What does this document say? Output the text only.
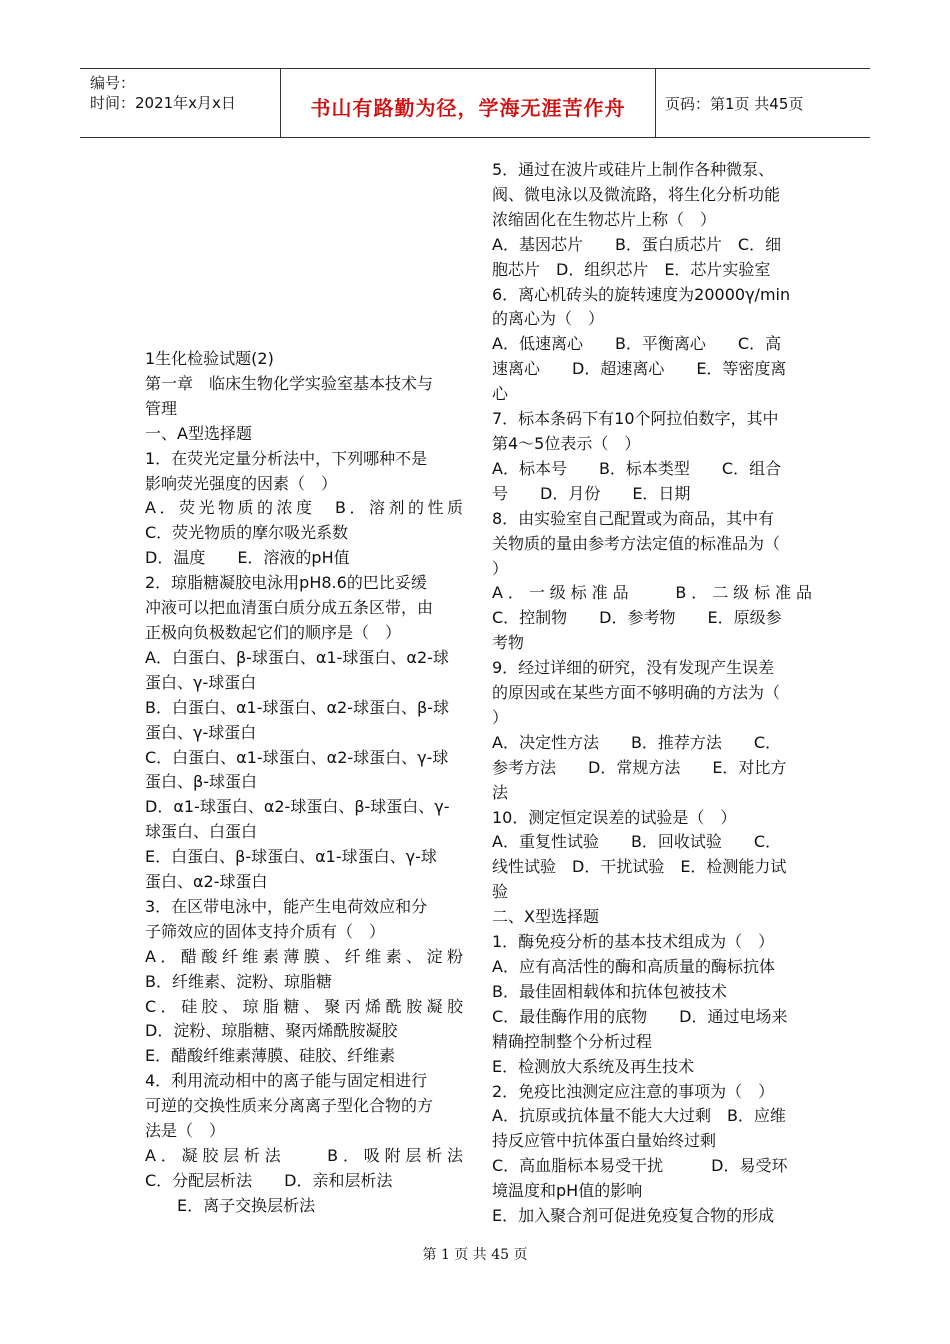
编号：
时间：2021年x月x日	书山有路勤为径，学海无涯苦作舟	页码：第1页 共45页

1生化检验试题(2)

第一章　临床生物化学实验室基本技术与

管理

一、A型选择题

1．在荧光定量分析法中，下列哪种不是

影响荧光强度的因素（　）

A．荧光物质的浓度　B．溶剂的性质

C．荧光物质的摩尔吸光系数

D．温度　　E．溶液的pH值

2．琼脂糖凝胶电泳用pH8.6的巴比妥缓

冲液可以把血清蛋白质分成五条区带，由

正极向负极数起它们的顺序是（　）

A．白蛋白、β-球蛋白、α1-球蛋白、α2-球

蛋白、γ-球蛋白

B．白蛋白、α1-球蛋白、α2-球蛋白、β-球

蛋白、γ-球蛋白

C．白蛋白、α1-球蛋白、α2-球蛋白、γ-球

蛋白、β-球蛋白

D．α1-球蛋白、α2-球蛋白、β-球蛋白、γ-

球蛋白、白蛋白

E．白蛋白、β-球蛋白、α1-球蛋白、γ-球

蛋白、α2-球蛋白

3．在区带电泳中，能产生电荷效应和分

子筛效应的固体支持介质有（　）

A．醋酸纤维素薄膜、纤维素、淀粉

B．纤维素、淀粉、琼脂糖

C．硅胶、琼脂糖、聚丙烯酰胺凝胶

D．淀粉、琼脂糖、聚丙烯酰胺凝胶

E．醋酸纤维素薄膜、硅胶、纤维素

4．利用流动相中的离子能与固定相进行

可逆的交换性质来分离离子型化合物的方

法是（　）

A．凝胶层析法　　B．吸附层析法

C．分配层析法　　D．亲和层析法

　　E．离子交换层析法

5．通过在波片或硅片上制作各种微泵、

阀、微电泳以及微流路，将生化分析功能

浓缩固化在生物芯片上称（　）

A．基因芯片　　B．蛋白质芯片　C．细

胞芯片　D．组织芯片　E．芯片实验室

6．离心机砖头的旋转速度为20000γ/min

的离心为（　）

A．低速离心　　B．平衡离心　　C．高

速离心　　D．超速离心　　E．等密度离

心

7．标本条码下有10个阿拉伯数字，其中

第4～5位表示（　）

A．标本号　　B．标本类型　　C．组合

号　　D．月份　　E．日期

8．由实验室自己配置或为商品，其中有

关物质的量由参考方法定值的标准品为（

）

A．一级标准品　　B．二级标准品

C．控制物　　D．参考物　　E．原级参

考物

9．经过详细的研究，没有发现产生误差

的原因或在某些方面不够明确的方法为（

）

A．决定性方法　　B．推荐方法　　C．

参考方法　　D．常规方法　　E．对比方

法

10．测定恒定误差的试验是（　）

A．重复性试验　　B．回收试验　　C．

线性试验　D．干扰试验　E．检测能力试

验

二、X型选择题

1．酶免疫分析的基本技术组成为（　）

A．应有高活性的酶和高质量的酶标抗体

B．最佳固相载体和抗体包被技术

C．最佳酶作用的底物　　D．通过电场来

精确控制整个分析过程

E．检测放大系统及再生技术

2．免疫比浊测定应注意的事项为（　）

A．抗原或抗体量不能大大过剩　B．应维

持反应管中抗体蛋白量始终过剩

C．高血脂标本易受干扰　　　D．易受环

境温度和pH值的影响

E．加入聚合剂可促进免疫复合物的形成

第 1 页 共 45 页
